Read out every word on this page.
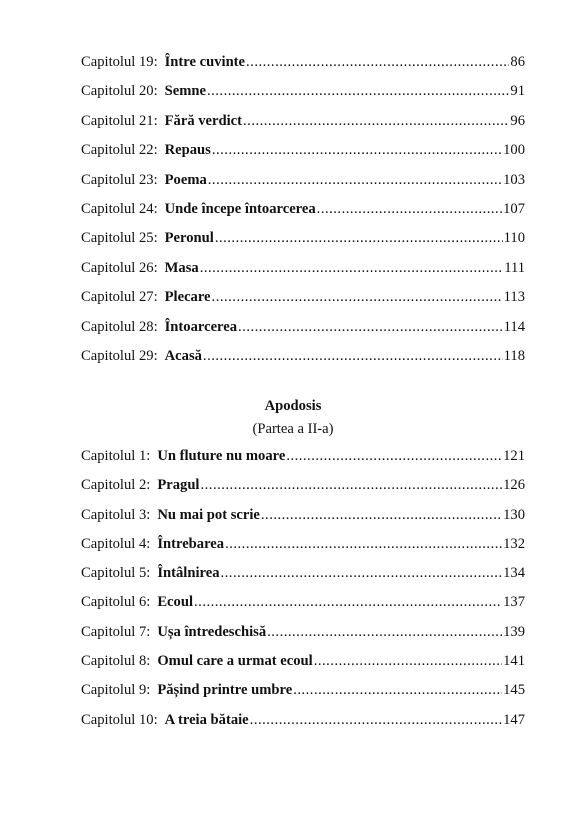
Capitolul 19: Între cuvinte .....	86
Capitolul 20: Semne .....	91
Capitolul 21: Fără verdict .....	96
Capitolul 22: Repaus .....	100
Capitolul 23: Poema .....	103
Capitolul 24: Unde începe întoarcerea .....	107
Capitolul 25: Peronul .....	110
Capitolul 26: Masa .....	111
Capitolul 27: Plecare .....	113
Capitolul 28: Întoarcerea .....	114
Capitolul 29: Acasă .....	118
Apodosis
(Partea a II-a)
Capitolul 1: Un fluture nu moare .....	121
Capitolul 2: Pragul .....	126
Capitolul 3: Nu mai pot scrie .....	130
Capitolul 4: Întrebarea .....	132
Capitolul 5: Întâlnirea .....	134
Capitolul 6: Ecoul .....	137
Capitolul 7: Ușa întredeschisă .....	139
Capitolul 8: Omul care a urmat ecoul .....	141
Capitolul 9: Pășind printre umbre .....	145
Capitolul 10: A treia bătaie .....	147
